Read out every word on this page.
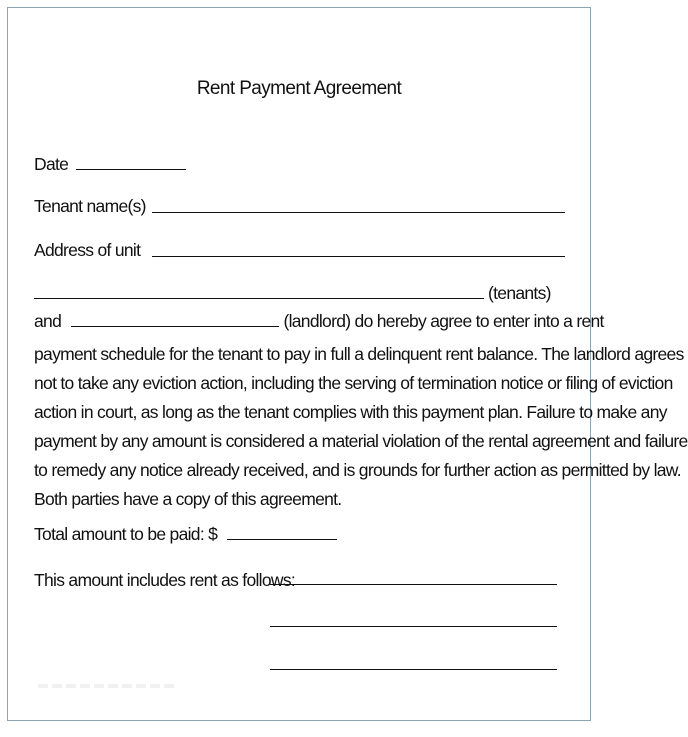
Rent Payment Agreement
Date
Tenant name(s)
Address of unit
(tenants)
and	(landlord) do hereby agree to enter into a rent
payment schedule for the tenant to pay in full a delinquent rent balance. The landlord agrees
not to take any eviction action, including the serving of termination notice or filing of eviction
action in court, as long as the tenant complies with this payment plan. Failure to make any
payment by any amount is considered a material violation of the rental agreement and failure
to remedy any notice already received, and is grounds for further action as permitted by law.
Both parties have a copy of this agreement.
Total amount to be paid: $
This amount includes rent as follows:
